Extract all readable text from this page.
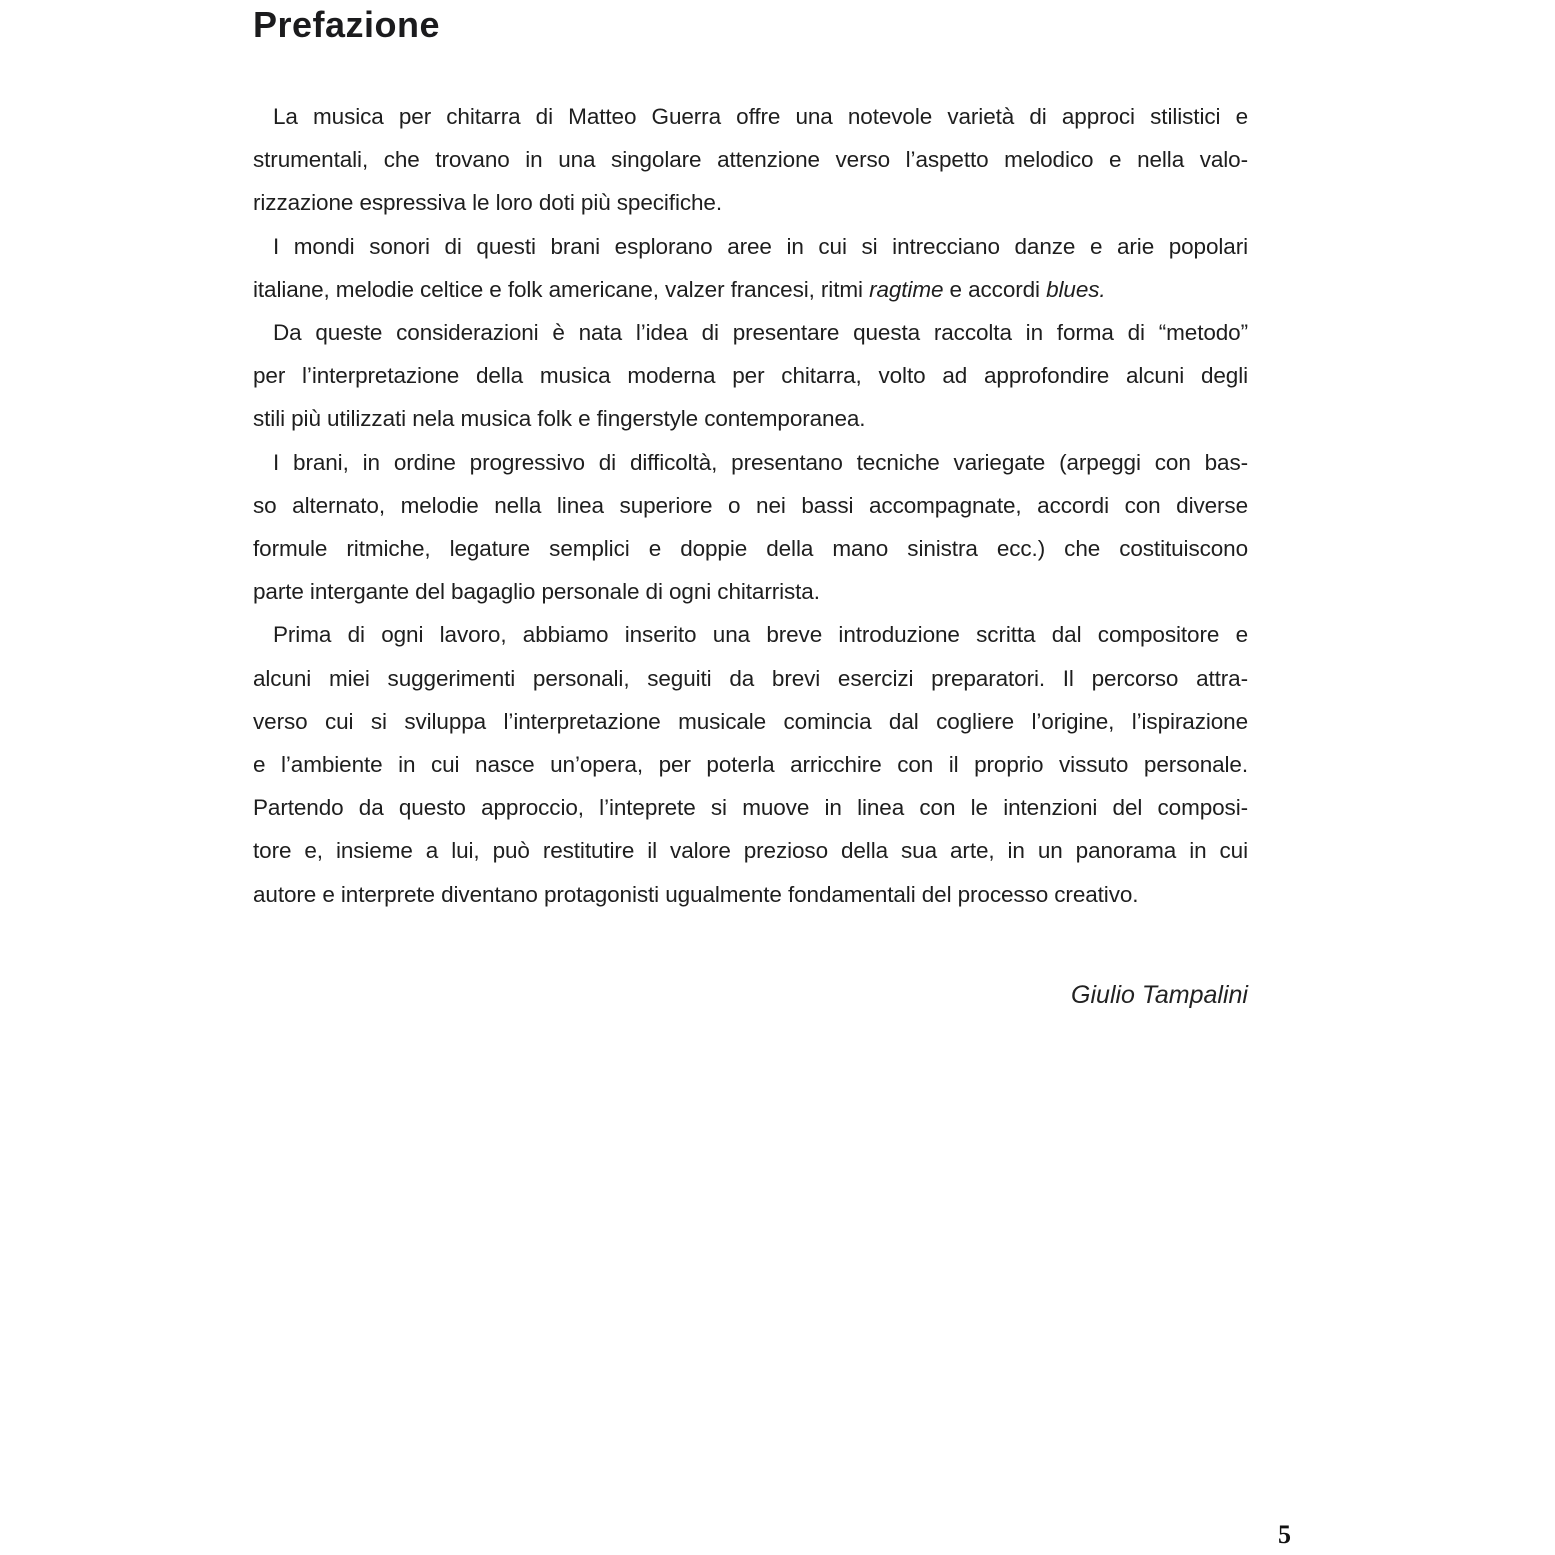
Prefazione
La musica per chitarra di Matteo Guerra offre una notevole varietà di approci stilistici e
strumentali, che trovano in una singolare attenzione verso l’aspetto melodico e nella valo-
rizzazione espressiva le loro doti più specifiche.
I mondi sonori di questi brani esplorano aree in cui si intrecciano danze e arie popolari
italiane, melodie celtice e folk americane, valzer francesi, ritmi ragtime e accordi blues.
Da queste considerazioni è nata l’idea di presentare questa raccolta in forma di “metodo”
per l’interpretazione della musica moderna per chitarra, volto ad approfondire alcuni degli
stili più utilizzati nela musica folk e fingerstyle contemporanea.
I brani, in ordine progressivo di difficoltà, presentano tecniche variegate (arpeggi con bas-
so alternato, melodie nella linea superiore o nei bassi accompagnate, accordi con diverse
formule ritmiche, legature semplici e doppie della mano sinistra ecc.) che costituiscono
parte intergante del bagaglio personale di ogni chitarrista.
Prima di ogni lavoro, abbiamo inserito una breve introduzione scritta dal compositore e
alcuni miei suggerimenti personali, seguiti da brevi esercizi preparatori. Il percorso attra-
verso cui si sviluppa l’interpretazione musicale comincia dal cogliere l’origine, l’ispirazione
e l’ambiente in cui nasce un’opera, per poterla arricchire con il proprio vissuto personale.
Partendo da questo approccio, l’inteprete si muove in linea con le intenzioni del composi-
tore e, insieme a lui, può restitutire il valore prezioso della sua arte, in un panorama in cui
autore e interprete diventano protagonisti ugualmente fondamentali del processo creativo.
Giulio Tampalini
5
